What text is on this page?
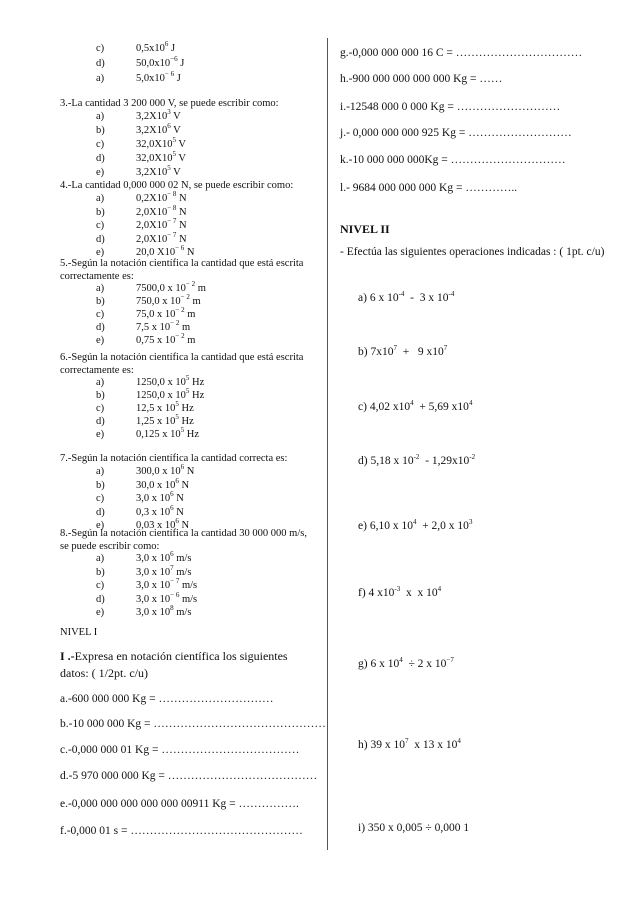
c)	$0,5x10^6$ J
d)	$50,0x10^{-6}$ J
a)	$5,0x10^{- 6}$ J
3.-La cantidad 3 200 000 V, se puede escribir como:
a)	$3,2X10^3$ V
b)	$3,2X10^6$ V
c)	$32,0X10^5$ V
d)	$32,0X10^5$ V
e)	$3,2X10^5$ V
4.-La cantidad 0,000 000 02 N, se puede escribir como:
a)	$0,2X10^{- 8}$ N
b)	$2,0X10^{- 8}$ N
c)	$2,0X10^{- 7}$ N
d)	$2,0X10^{- 7}$ N
e)	20,0 $X10^{- 6}$ N
5.-Según la notación científica la cantidad que está escrita correctamente es:
a)	7500,0 x $10^{- 2}$ m
b)	750,0 x $10^{- 2}$ m
c)	75,0 x $10^{- 2}$ m
d)	7,5 x $10^{- 2}$ m
e)	0,75 x $10^{- 2}$ m
6.-Según la notación científica la cantidad que está escrita correctamente es:
a)	1250,0 x $10^5$ Hz
b)	1250,0 x $10^5$ Hz
c)	12,5 x $10^5$ Hz
d)	1,25 x $10^5$ Hz
e)	0,125 x $10^5$ Hz
7.-Según la notación científica la cantidad correcta es:
a)	300,0 x $10^6$ N
b)	30,0 x $10^6$ N
c)	3,0 x $10^6$ N
d)	0,3 x $10^6$ N
e)	0,03 x $10^6$ N
8.-Según la notación científica la cantidad 30 000 000 m/s, se puede escribir como:
a)	3,0 x $10^6$ m/s
b)	3,0 x $10^7$ m/s
c)	3,0 x $10^{- 7}$ m/s
d)	3,0 x $10^{- 6}$ m/s
e)	3,0 x $10^8$ m/s
NIVEL I
I .-Expresa en notación científica los siguientes datos: ( 1/2pt. c/u)
a.-600 000 000 Kg = …………………………
b.-10 000 000 Kg = ………………………………………
c.-0,000 000 01 Kg = ………………………………
d.-5 970 000 000 Kg = …………………………………
e.-0,000 000 000 000 000 00911 Kg = …………….
f.-0,000 01 s = ………………………………………
g.-0,000 000 000 16 C = ……………………………
h.-900 000 000 000 000 Kg = ……
i.-12548 000 0 000 Kg = ………………………
j.- 0,000 000 000 925 Kg = ………………………
k.-10 000 000 000Kg = …………………………
l.- 9684 000 000 000 Kg = …………..
NIVEL II
- Efectúa las siguientes operaciones indicadas : ( 1pt. c/u)
a) 6 x $10^{-4} - 3$ x $10^{-4}$
b) $7x10^7 + 9$ $x10^7$
c) 4,02 $x10^4 + 5,69$ $x10^4$
d) 5,18 x $10^{-2} - 1,29x10^{-2}$
e) 6,10 x $10^4 + 2,0$ x $10^3$
f) 4 $x10^{-3}$  x  x $10^4$
g) 6 x $10^4 \div 2$ x $10^{-7}$
h) 39 x $10^7$  x 13 x $10^4$
i) 350 x 0,005 ÷ 0,000 1
